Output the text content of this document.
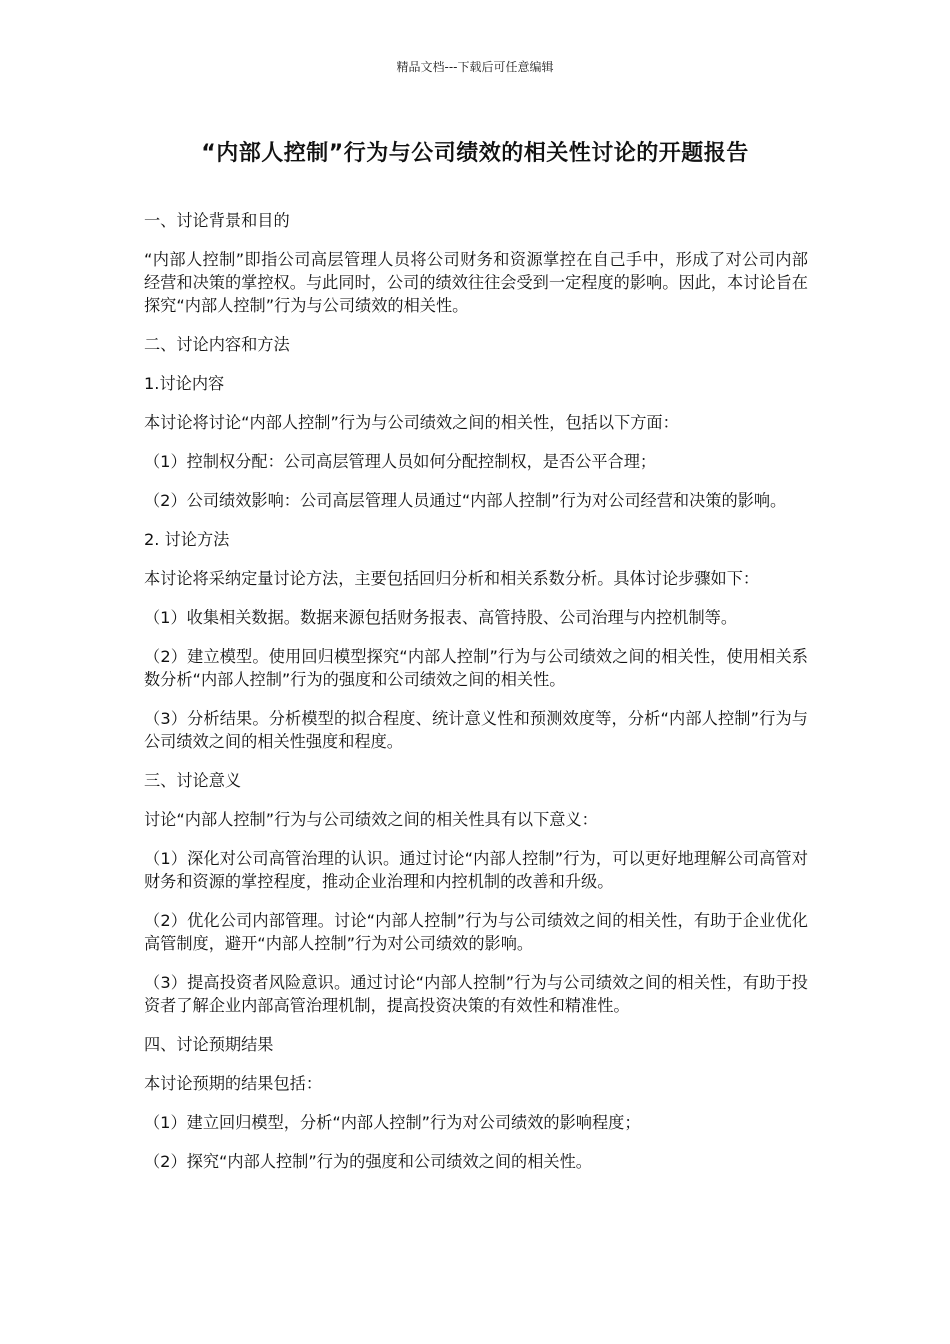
精品文档---下载后可任意编辑
“内部人控制”行为与公司绩效的相关性讨论的开题报告

一、讨论背景和目的

“内部人控制”即指公司高层管理人员将公司财务和资源掌控在自己手中，形成了对公司内部经营和决策的掌控权。与此同时，公司的绩效往往会受到一定程度的影响。因此，本讨论旨在探究“内部人控制”行为与公司绩效的相关性。

二、讨论内容和方法

1.讨论内容

本讨论将讨论“内部人控制”行为与公司绩效之间的相关性，包括以下方面：

（1）控制权分配：公司高层管理人员如何分配控制权，是否公平合理；

（2）公司绩效影响：公司高层管理人员通过“内部人控制”行为对公司经营和决策的影响。

2. 讨论方法

本讨论将采纳定量讨论方法，主要包括回归分析和相关系数分析。具体讨论步骤如下：

（1）收集相关数据。数据来源包括财务报表、高管持股、公司治理与内控机制等。

（2）建立模型。使用回归模型探究“内部人控制”行为与公司绩效之间的相关性，使用相关系数分析“内部人控制”行为的强度和公司绩效之间的相关性。

（3）分析结果。分析模型的拟合程度、统计意义性和预测效度等，分析“内部人控制”行为与公司绩效之间的相关性强度和程度。

三、讨论意义

讨论“内部人控制”行为与公司绩效之间的相关性具有以下意义：

（1）深化对公司高管治理的认识。通过讨论“内部人控制”行为，可以更好地理解公司高管对财务和资源的掌控程度，推动企业治理和内控机制的改善和升级。

（2）优化公司内部管理。讨论“内部人控制”行为与公司绩效之间的相关性，有助于企业优化高管制度，避开“内部人控制”行为对公司绩效的影响。

（3）提高投资者风险意识。通过讨论“内部人控制”行为与公司绩效之间的相关性，有助于投资者了解企业内部高管治理机制，提高投资决策的有效性和精准性。

四、讨论预期结果

本讨论预期的结果包括：

（1）建立回归模型，分析“内部人控制”行为对公司绩效的影响程度；

（2）探究“内部人控制”行为的强度和公司绩效之间的相关性。
